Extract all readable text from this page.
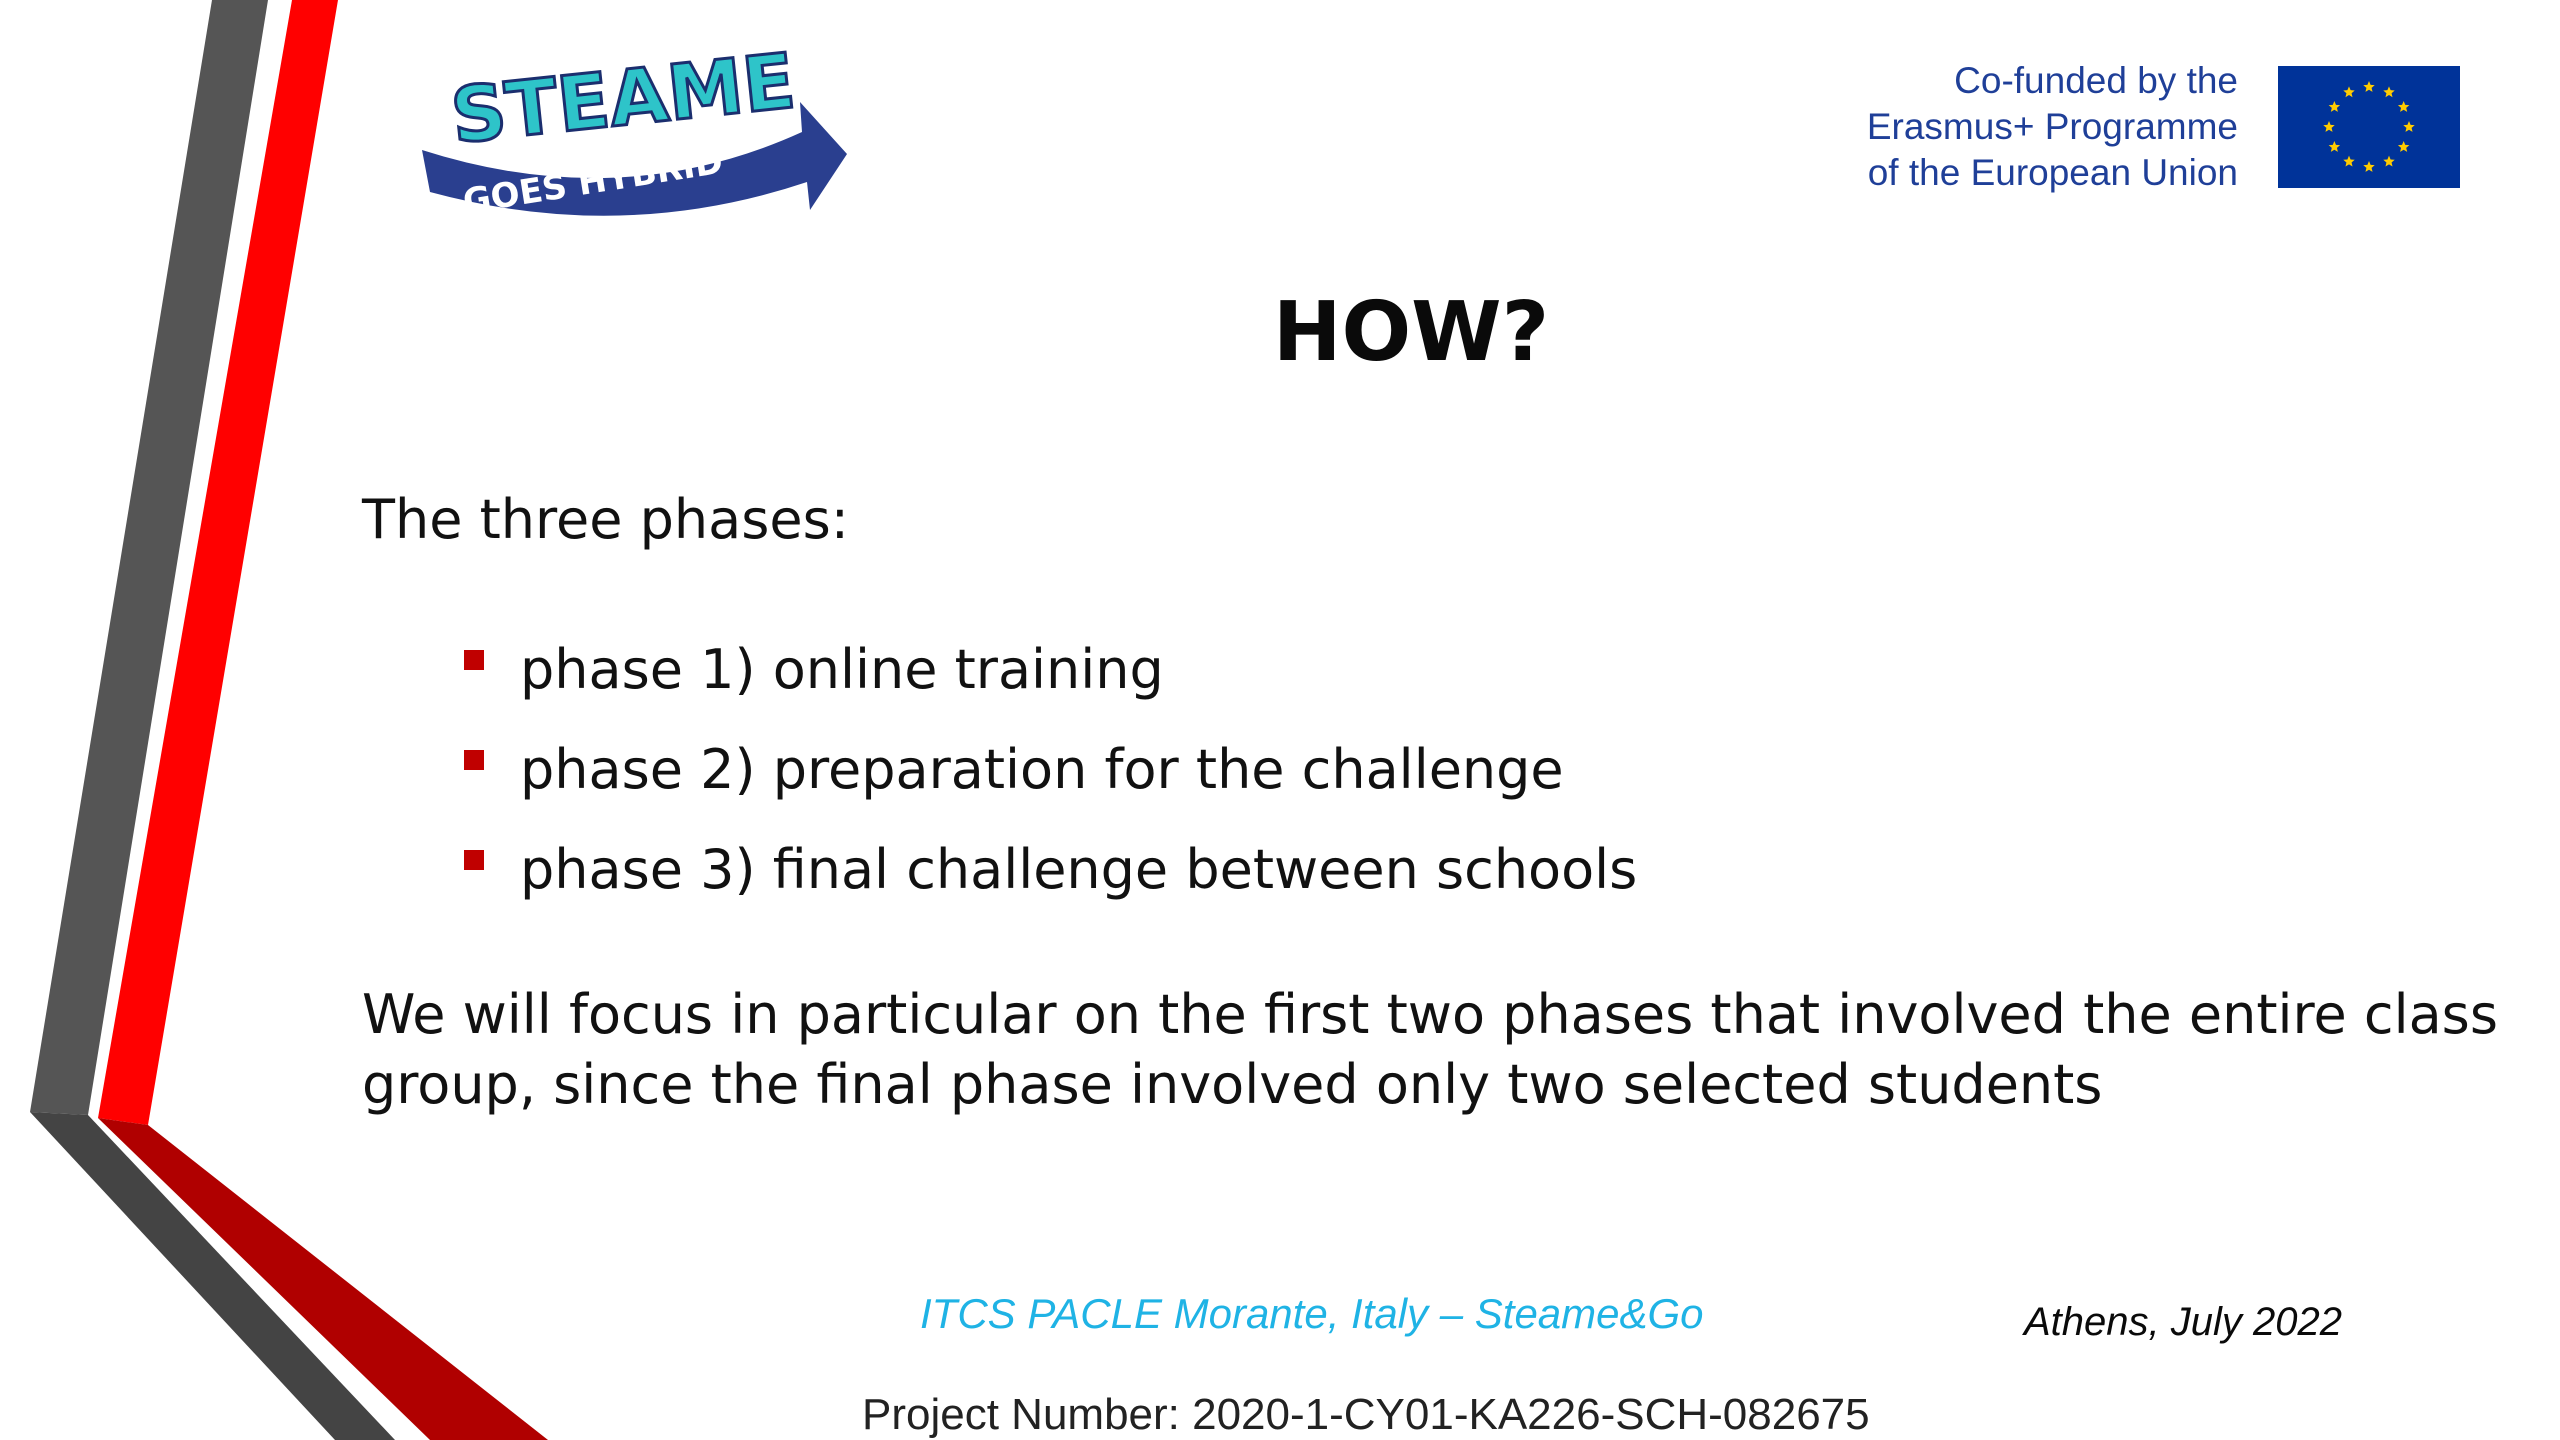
STEAME
GOES HYBRID
Co-funded by the
Erasmus+ Programme
of the European Union
HOW?
The three phases:
phase 1) online training
phase 2) preparation for the challenge
phase 3) final challenge between schools
We will focus in particular on the first two phases that involved the entire class
group, since the final phase involved only two selected students
ITCS PACLE Morante, Italy – Steame&Go	Athens, July 2022
Project Number: 2020-1-CY01-KA226-SCH-082675
